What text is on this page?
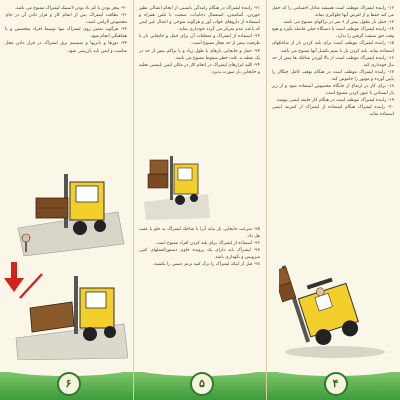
۳۰- پنچر بودن یا کم باد بودن لاستیک لیفتراک ممنوع می باشد.

۳۱- نظافت لیفتراک پس از انجام کار و قرار دادن آن در جای مخصوص الزامی است.

۳۲- هرگونه تعمیر روی لیفتراک تنها توسط افراد متخصص و با هماهنگی انجام شود.

۳۳- دوزها و باتریها و سیستم برق لیفتراک در قرار دادن محل مناسب و ایمن باید بازرسی شود.

۶

۲۱- راننده لیفتراک در هنگام رانندگی بایستی از انجام اعمالی نظیر خوردن، آشامیدن، استعمال دخانیات، صحبت با تلفن همراه و استفاده از داروهای خواب آور و هرگونه شوخی و اعمال غیر ایمن که باعث عدم تمرکز می گردد خودداری نماید.

۲۲- استفاده از لیفتراک و متعلقات آن برای حمل و جابجایی بار با ظرفیت بیش از حد مجاز ممنوع است.

۲۳- حمل و جابجایی بارهای با طول زیاد و یا تراکم بیش از حد در یک نقطه به علت خطر سقوط ممنوع می باشد.

۲۴- کلیه ابزارهای لیفتراک در انجام کار در مکان ایمن بایستی تخلیه و جابجایی بار صورت پذیرد.

۲۵- سرعت جابجایی بار نباید آنرا با شاخک لیفتراک به جلو یا عقب هل داد.

۲۶- استفاده از لیفتراک برای بلند کردن افراد ممنوع است.

۲۷- لیفتراک باید دارای یک پرونده حاوی دستورالعملهای کتبی سرویس و نگهداری باشد.

۲۸- قبل از اینکه لیفتراک را ترک کنید ترمز دستی را بکشید.

۵

۱۲- راننده لیفتراک موظف است همیشه تعادل اجسامی را که حمل می کند حفظ و از لغزش آنها جلوگیری نماید.

۱۳- حمل بار بطول بیش از ۶ متر در تراکهای ممنوع می باشد.

۱۴- راننده لیفتراک موظف است با دستگاه خیلی فاصله بگیرد و هیچ وقت حق سبقت گرفتن را ندارد.

۱۵- راننده لیفتراک موظف است برای بلند کردن بار از شاخکهای استفاده نماید. بلند کردن بار با سیم بکسل آنها ممنوع می باشد.

۱۶- راننده لیفتراک موظف است از بالا آوردن شاخک ها بیش از حد نیاز خودداری کند.

۱۷- راننده لیفتراک موظف است در هنگام توقف کامل چنگال را پایین آورده و موتور را خاموش کند.

۱۸- برای کار در ارتفاع از جایگاه مخصوص استفاده شود و از زیر بار ایستادن یا عبور کردن ممنوع است.

۱۹- راننده لیفتراک موظف است در هنگام کار جلیقه ایمنی بپوشد.

۲۰- راننده لیفتراک هنگام استفاده از لیفتراک از کمربند ایمنی استفاده نماید.

۴
